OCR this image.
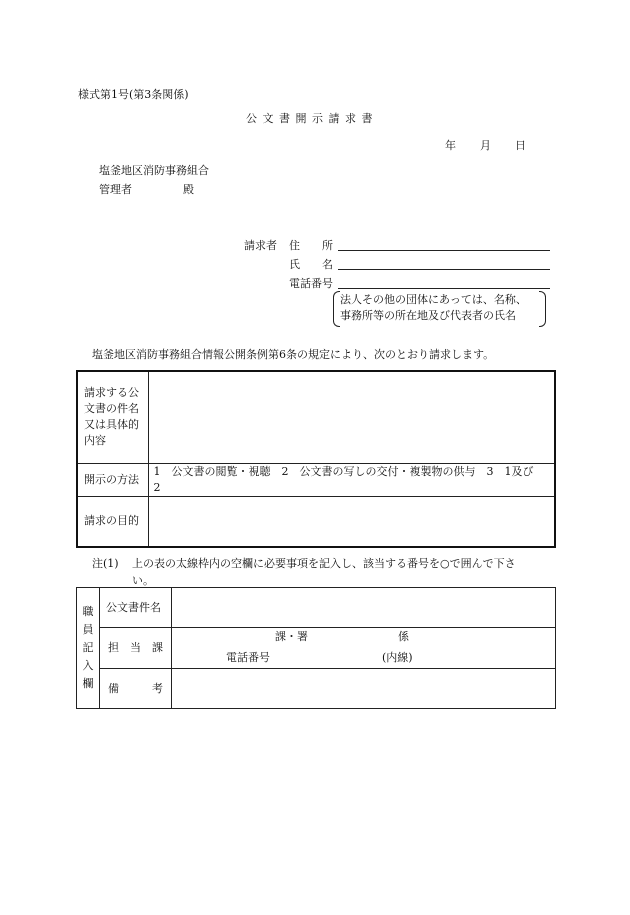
様式第1号(第3条関係)
公 文 書 開 示 請 求 書
年 月 日
塩釜地区消防事務組合
管理者	殿
請求者 住　　所
氏　　名
電話番号
法人その他の団体にあっては、名称、
事務所等の所在地及び代表者の氏名
塩釜地区消防事務組合情報公開条例第6条の規定により、次のとおり請求します。
請求する公
文書の件名
又は具体的
内容	

開示の方法	1　公文書の閲覧・視聴　2　公文書の写しの交付・複製物の供与　3　1及び
2

請求の目的	
注(1) 上の表の太線枠内の空欄に必要事項を記入し、該当する番号を○で囲んで下さ
い。
職
員
記
入
欄	公文書件名	
	担　当　課	課・署 係
電話番号 (内線)

	備　　　考	
